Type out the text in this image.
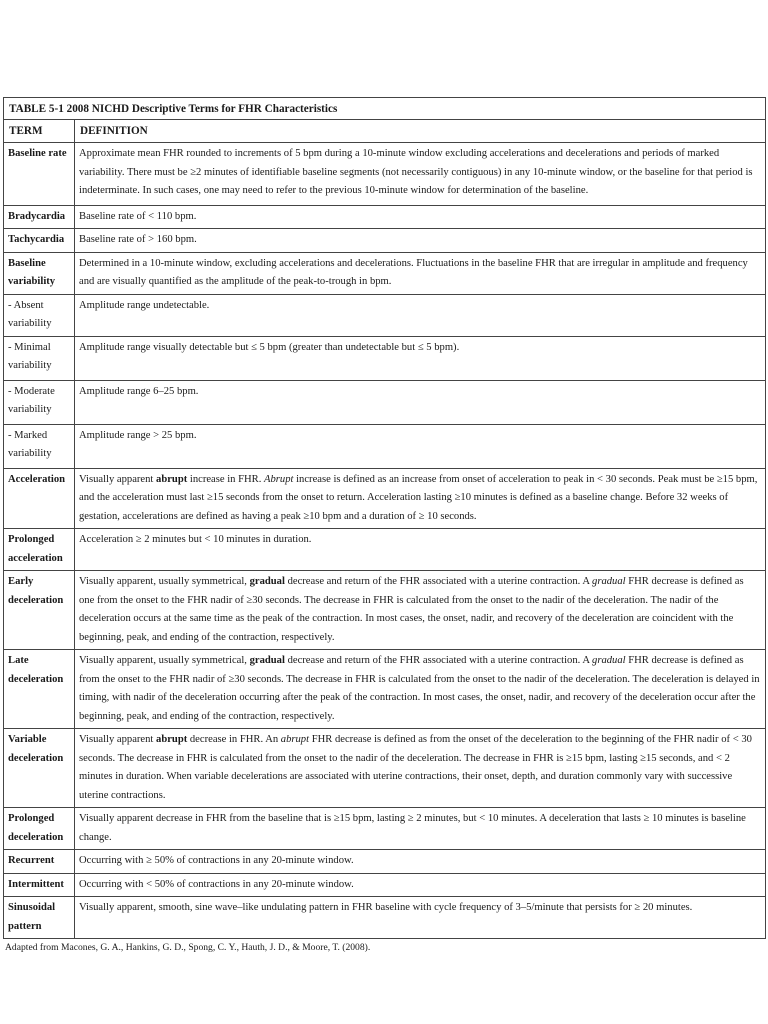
TABLE 5-1 2008 NICHD Descriptive Terms for FHR Characteristics	
TERM	DEFINITION
Baseline rate	Approximate mean FHR rounded to increments of 5 bpm during a 10-minute window excluding accelerations and decelerations and periods of marked variability. There must be ≥2 minutes of identifiable baseline segments (not necessarily contiguous) in any 10-minute window, or the baseline for that period is indeterminate. In such cases, one may need to refer to the previous 10-minute window for determination of the baseline.
Bradycardia	Baseline rate of < 110 bpm.
Tachycardia	Baseline rate of > 160 bpm.
Baseline variability	Determined in a 10-minute window, excluding accelerations and decelerations. Fluctuations in the baseline FHR that are irregular in amplitude and frequency and are visually quantified as the amplitude of the peak-to-trough in bpm.
- Absent variability	Amplitude range undetectable.
- Minimal variability	Amplitude range visually detectable but ≤ 5 bpm (greater than undetectable but ≤ 5 bpm).
- Moderate variability	Amplitude range 6–25 bpm.
- Marked variability	Amplitude range > 25 bpm.
Acceleration	Visually apparent abrupt increase in FHR. Abrupt increase is defined as an increase from onset of acceleration to peak in < 30 seconds. Peak must be ≥15 bpm, and the acceleration must last ≥15 seconds from the onset to return. Acceleration lasting ≥10 minutes is defined as a baseline change. Before 32 weeks of gestation, accelerations are defined as having a peak ≥10 bpm and a duration of ≥ 10 seconds.
Prolonged acceleration	Acceleration ≥ 2 minutes but < 10 minutes in duration.
Early deceleration	Visually apparent, usually symmetrical, gradual decrease and return of the FHR associated with a uterine contraction. A gradual FHR decrease is defined as one from the onset to the FHR nadir of ≥30 seconds. The decrease in FHR is calculated from the onset to the nadir of the deceleration. The nadir of the deceleration occurs at the same time as the peak of the contraction. In most cases, the onset, nadir, and recovery of the deceleration are coincident with the beginning, peak, and ending of the contraction, respectively.
Late deceleration	Visually apparent, usually symmetrical, gradual decrease and return of the FHR associated with a uterine contraction. A gradual FHR decrease is defined as from the onset to the FHR nadir of ≥30 seconds. The decrease in FHR is calculated from the onset to the nadir of the deceleration. The deceleration is delayed in timing, with nadir of the deceleration occurring after the peak of the contraction. In most cases, the onset, nadir, and recovery of the deceleration occur after the beginning, peak, and ending of the contraction, respectively.
Variable deceleration	Visually apparent abrupt decrease in FHR. An abrupt FHR decrease is defined as from the onset of the deceleration to the beginning of the FHR nadir of < 30 seconds. The decrease in FHR is calculated from the onset to the nadir of the deceleration. The decrease in FHR is ≥15 bpm, lasting ≥15 seconds, and < 2 minutes in duration. When variable decelerations are associated with uterine contractions, their onset, depth, and duration commonly vary with successive uterine contractions.
Prolonged deceleration	Visually apparent decrease in FHR from the baseline that is ≥15 bpm, lasting ≥ 2 minutes, but < 10 minutes. A deceleration that lasts ≥ 10 minutes is baseline change.
Recurrent	Occurring with ≥ 50% of contractions in any 20-minute window.
Intermittent	Occurring with < 50% of contractions in any 20-minute window.
Sinusoidal pattern	Visually apparent, smooth, sine wave–like undulating pattern in FHR baseline with cycle frequency of 3–5/minute that persists for ≥ 20 minutes.
Adapted from Macones, G. A., Hankins, G. D., Spong, C. Y., Hauth, J. D., & Moore, T. (2008).
